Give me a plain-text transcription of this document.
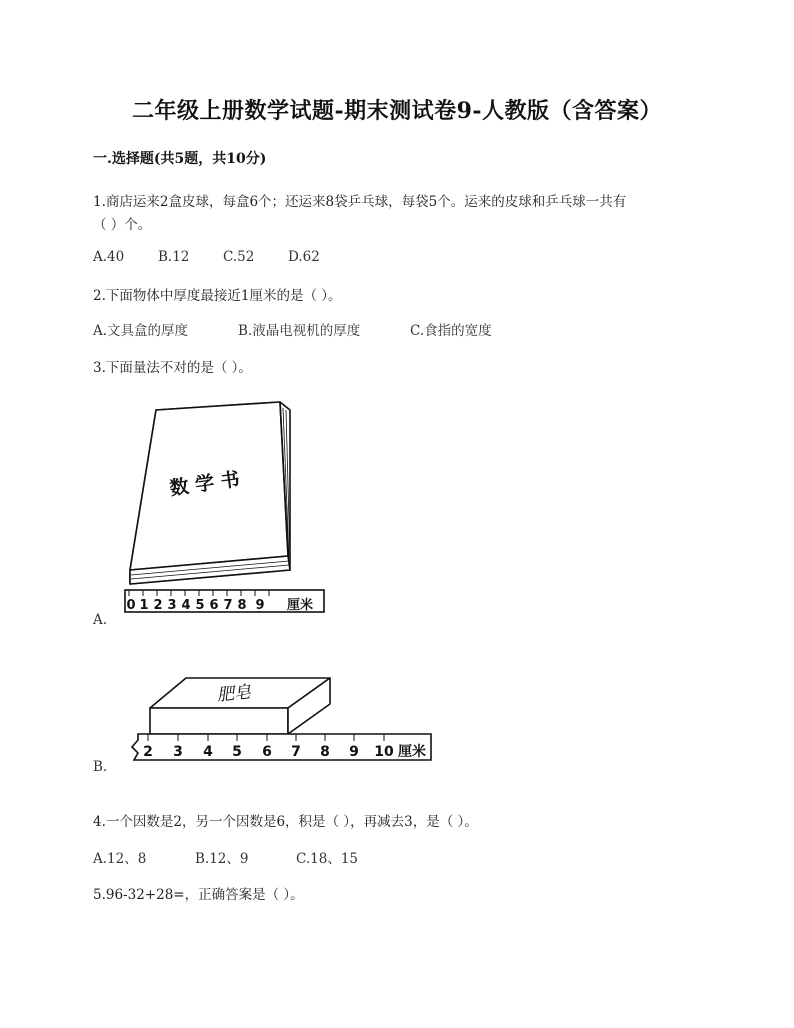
二年级上册数学试题-期末测试卷9-人教版（含答案）
一.选择题(共5题，共10分)
1.商店运来2盒皮球，每盒6个；还运来8袋乒乓球，每袋5个。运来的皮球和乒乓球一共有
（ ）个。
A.40	B.12 C.52 D.62
2.下面物体中厚度最接近1厘米的是（ ）。
A.文具盒的厚度	B.液晶电视机的厚度	C.食指的宽度
3.下面量法不对的是（ ）。
数 学 书
0 1 2 3 4 5 6 7 8 9 厘米
A.
肥皂
2 3 4 5 6 7 8 9 10 厘米
B.
4.一个因数是2，另一个因数是6，积是（ ），再减去3，是（ ）。
A.12、8	B.12、9	C.18、15
5.96-32+28=，正确答案是（ ）。
